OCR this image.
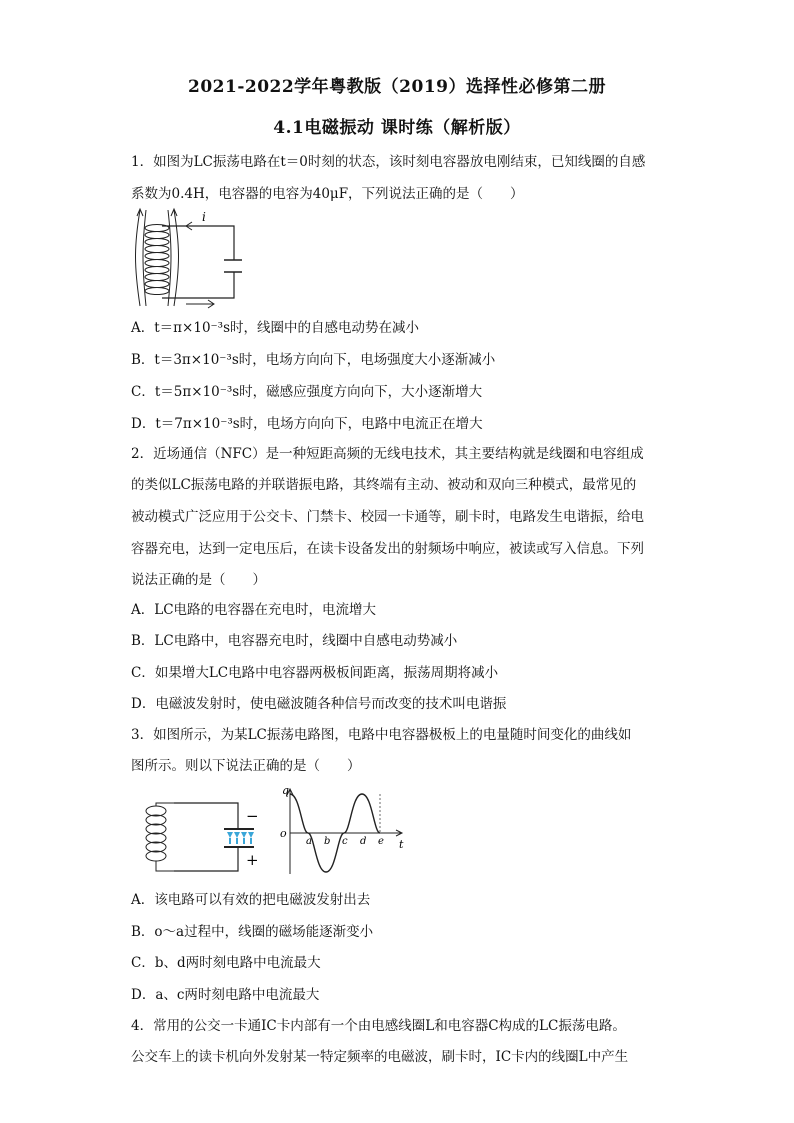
2021-2022学年粤教版（2019）选择性必修第二册
4.1电磁振动 课时练（解析版）
1．如图为LC振荡电路在t＝0时刻的状态，该时刻电容器放电刚结束，已知线圈的自感
系数为0.4H，电容器的电容为40μF，下列说法正确的是（　　）
i
A．t＝π×10⁻³s时，线圈中的自感电动势在减小
B．t＝3π×10⁻³s时，电场方向向下，电场强度大小逐渐减小
C．t＝5π×10⁻³s时，磁感应强度方向向下，大小逐渐增大
D．t＝7π×10⁻³s时，电场方向向下，电路中电流正在增大
2．近场通信（NFC）是一种短距高频的无线电技术，其主要结构就是线圈和电容组成
的类似LC振荡电路的并联谐振电路，其终端有主动、被动和双向三种模式，最常见的
被动模式广泛应用于公交卡、门禁卡、校园一卡通等，刷卡时，电路发生电谐振，给电
容器充电，达到一定电压后，在读卡设备发出的射频场中响应，被读或写入信息。下列
说法正确的是（　　）
A．LC电路的电容器在充电时，电流增大
B．LC电路中，电容器充电时，线圈中自感电动势减小
C．如果增大LC电路中电容器两极板间距离，振荡周期将减小
D．电磁波发射时，使电磁波随各种信号而改变的技术叫电谐振
3．如图所示，为某LC振荡电路图，电路中电容器极板上的电量随时间变化的曲线如
图所示。则以下说法正确的是（　　）
−
+
q
t
o
a b c d e
A．该电路可以有效的把电磁波发射出去
B．o～a过程中，线圈的磁场能逐渐变小
C．b、d两时刻电路中电流最大
D．a、c两时刻电路中电流最大
4．常用的公交一卡通IC卡内部有一个由电感线圈L和电容器C构成的LC振荡电路。
公交车上的读卡机向外发射某一特定频率的电磁波，刷卡时，IC卡内的线圈L中产生
